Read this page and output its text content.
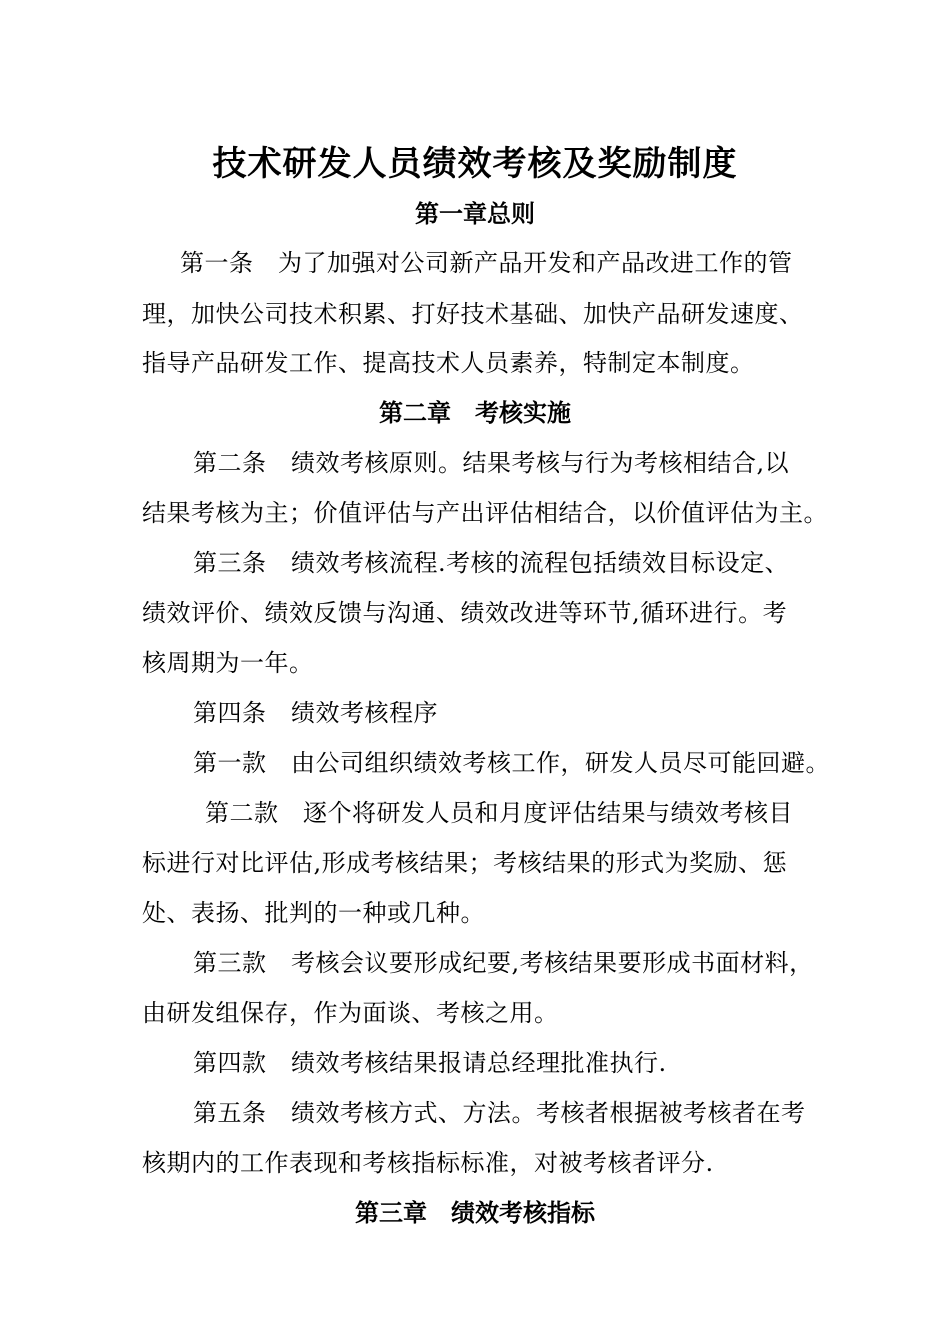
技术研发人员绩效考核及奖励制度
第一章总则

第一条　为了加强对公司新产品开发和产品改进工作的管

理，加快公司技术积累、打好技术基础、加快产品研发速度、

指导产品研发工作、提高技术人员素养，特制定本制度。

第二章　考核实施

第二条　绩效考核原则。结果考核与行为考核相结合,以

结果考核为主；价值评估与产出评估相结合，以价值评估为主。

第三条　绩效考核流程.考核的流程包括绩效目标设定、

绩效评价、绩效反馈与沟通、绩效改进等环节,循环进行。考

核周期为一年。

第四条　绩效考核程序

第一款　由公司组织绩效考核工作，研发人员尽可能回避。

第二款　逐个将研发人员和月度评估结果与绩效考核目

标进行对比评估,形成考核结果；考核结果的形式为奖励、惩

处、表扬、批判的一种或几种。

第三款　考核会议要形成纪要,考核结果要形成书面材料，

由研发组保存，作为面谈、考核之用。

第四款　绩效考核结果报请总经理批准执行.

第五条　绩效考核方式、方法。考核者根据被考核者在考

核期内的工作表现和考核指标标准，对被考核者评分.

第三章　绩效考核指标
